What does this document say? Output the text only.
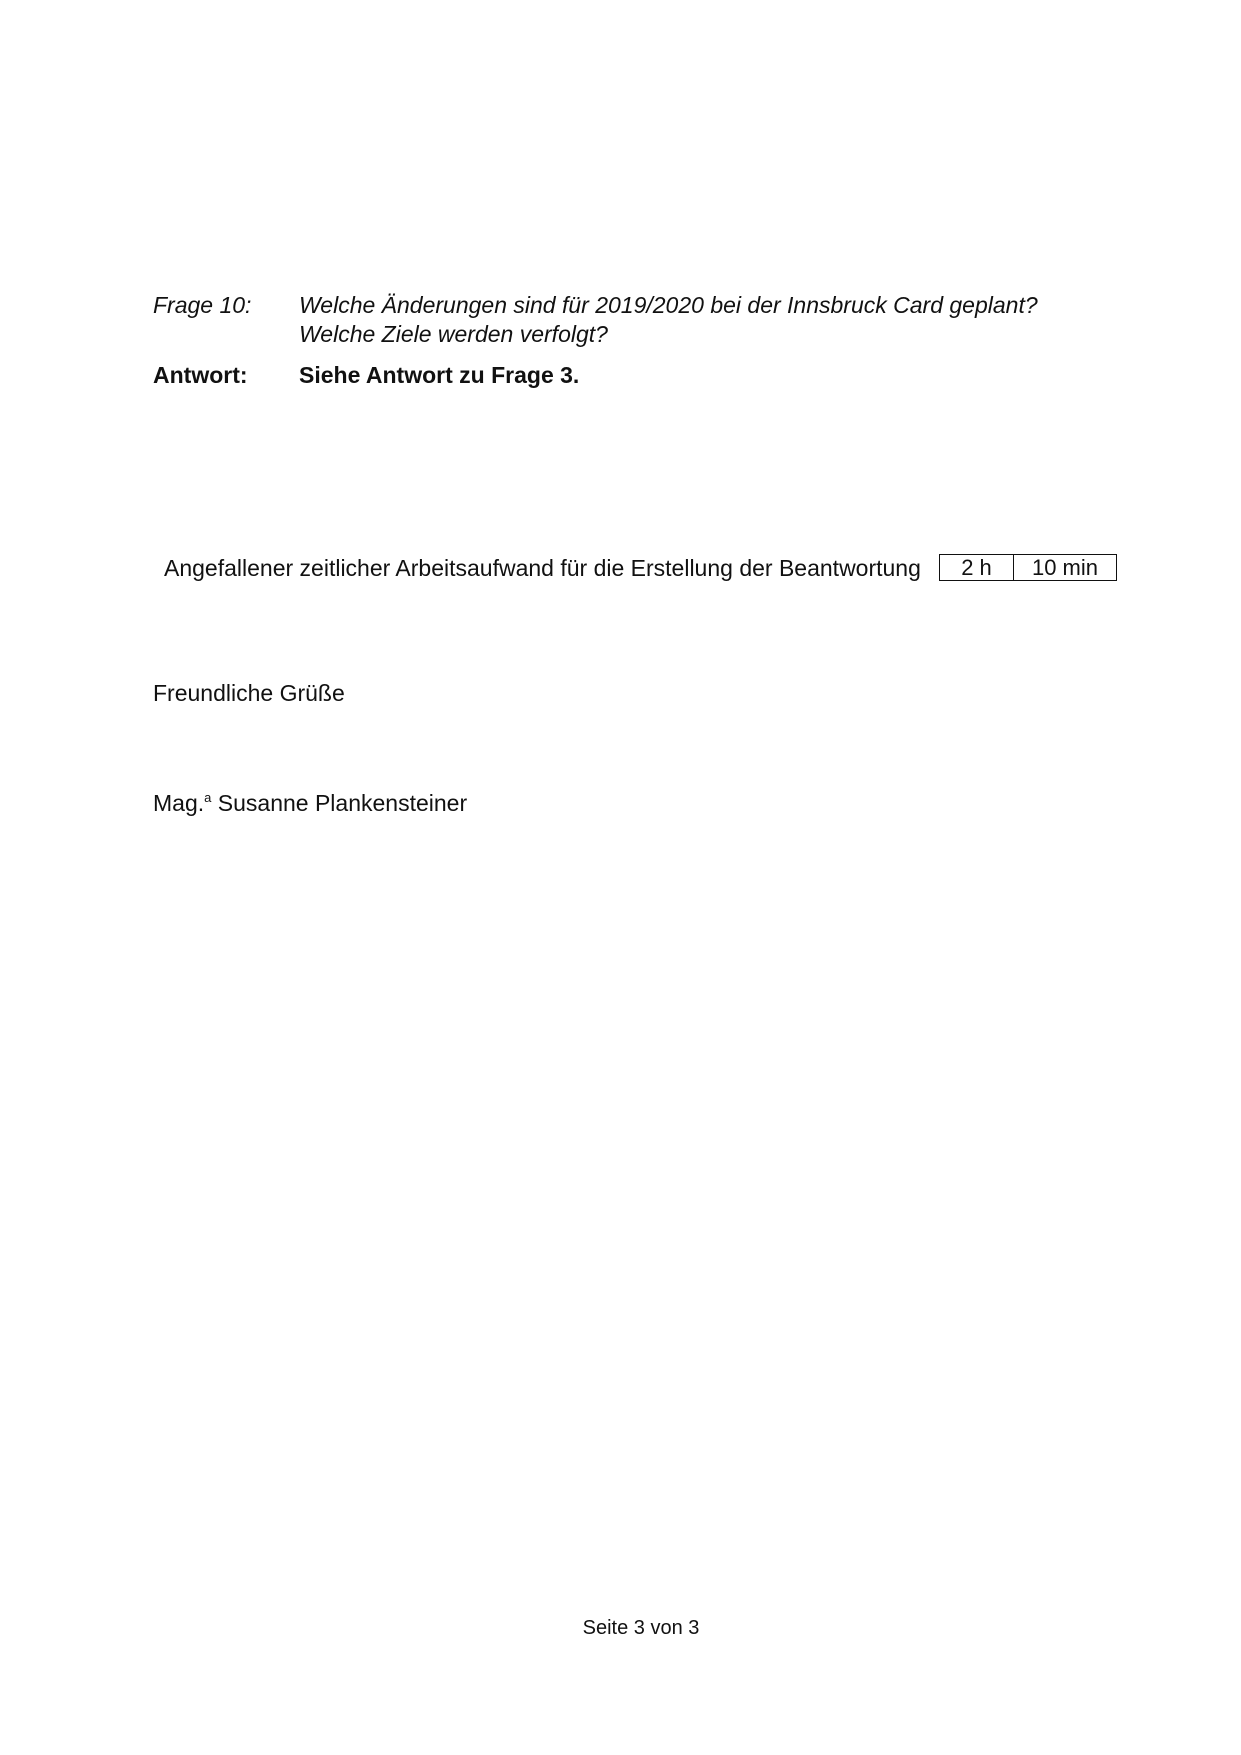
Frage 10:	Welche Änderungen sind für 2019/2020 bei der Innsbruck Card geplant? Welche Ziele werden verfolgt?
Antwort:	Siehe Antwort zu Frage 3.
Angefallener zeitlicher Arbeitsaufwand für die Erstellung der Beantwortung	2 h	10 min
Freundliche Grüße
Mag.$^a$ Susanne Plankensteiner
Seite 3 von 3
